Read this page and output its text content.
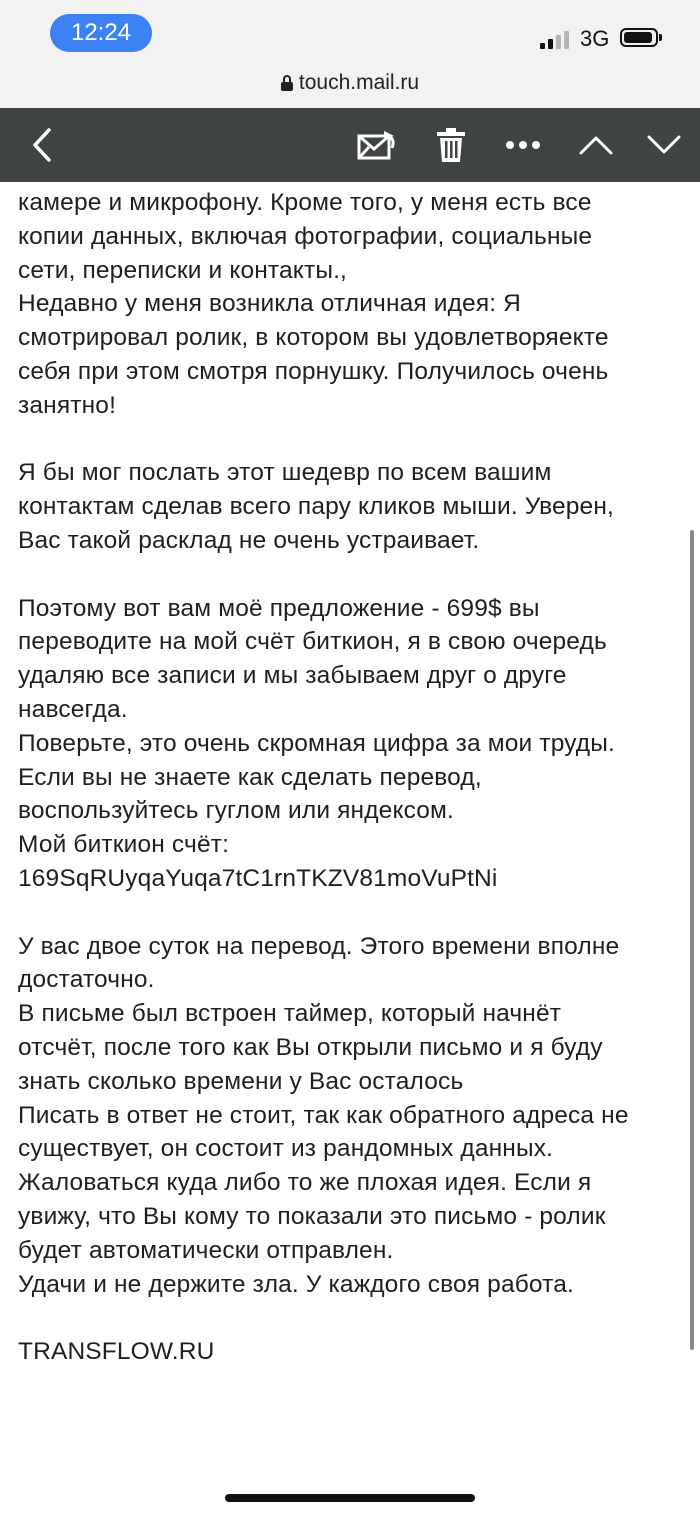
12:24	3G
touch.mail.ru

камере и микрофону. Кроме того, у меня есть все

копии данных, включая фотографии, социальные

сети, переписки и контакты.,

Недавно у меня возникла отличная идея: Я

смотрировал ролик, в котором вы удовлетворяекте

себя при этом смотря порнушку. Получилось очень

занятно!

Я бы мог послать этот шедевр по всем вашим

контактам сделав всего пару кликов мыши. Уверен,

Вас такой расклад не очень устраивает.

Поэтому вот вам моё предложение - 699$ вы

переводите на мой счёт биткион, я в свою очередь

удаляю все записи и мы забываем друг о друге

навсегда.

Поверьте, это очень скромная цифра за мои труды.

Если вы не знаете как сделать перевод,

воспользуйтесь гуглом или яндексом.

Мой биткион счёт:

169SqRUyqaYuqa7tC1rnTKZV81moVuPtNi

У вас двое суток на перевод. Этого времени вполне

достаточно.

В письме был встроен таймер, который начнёт

отсчёт, после того как Вы открыли письмо и я буду

знать сколько времени у Вас осталось

Писать в ответ не стоит, так как обратного адреса не

существует, он состоит из рандомных данных.

Жаловаться куда либо то же плохая идея. Если я

увижу, что Вы кому то показали это письмо - ролик

будет автоматически отправлен.

Удачи и не держите зла. У каждого своя работа.

TRANSFLOW.RU
